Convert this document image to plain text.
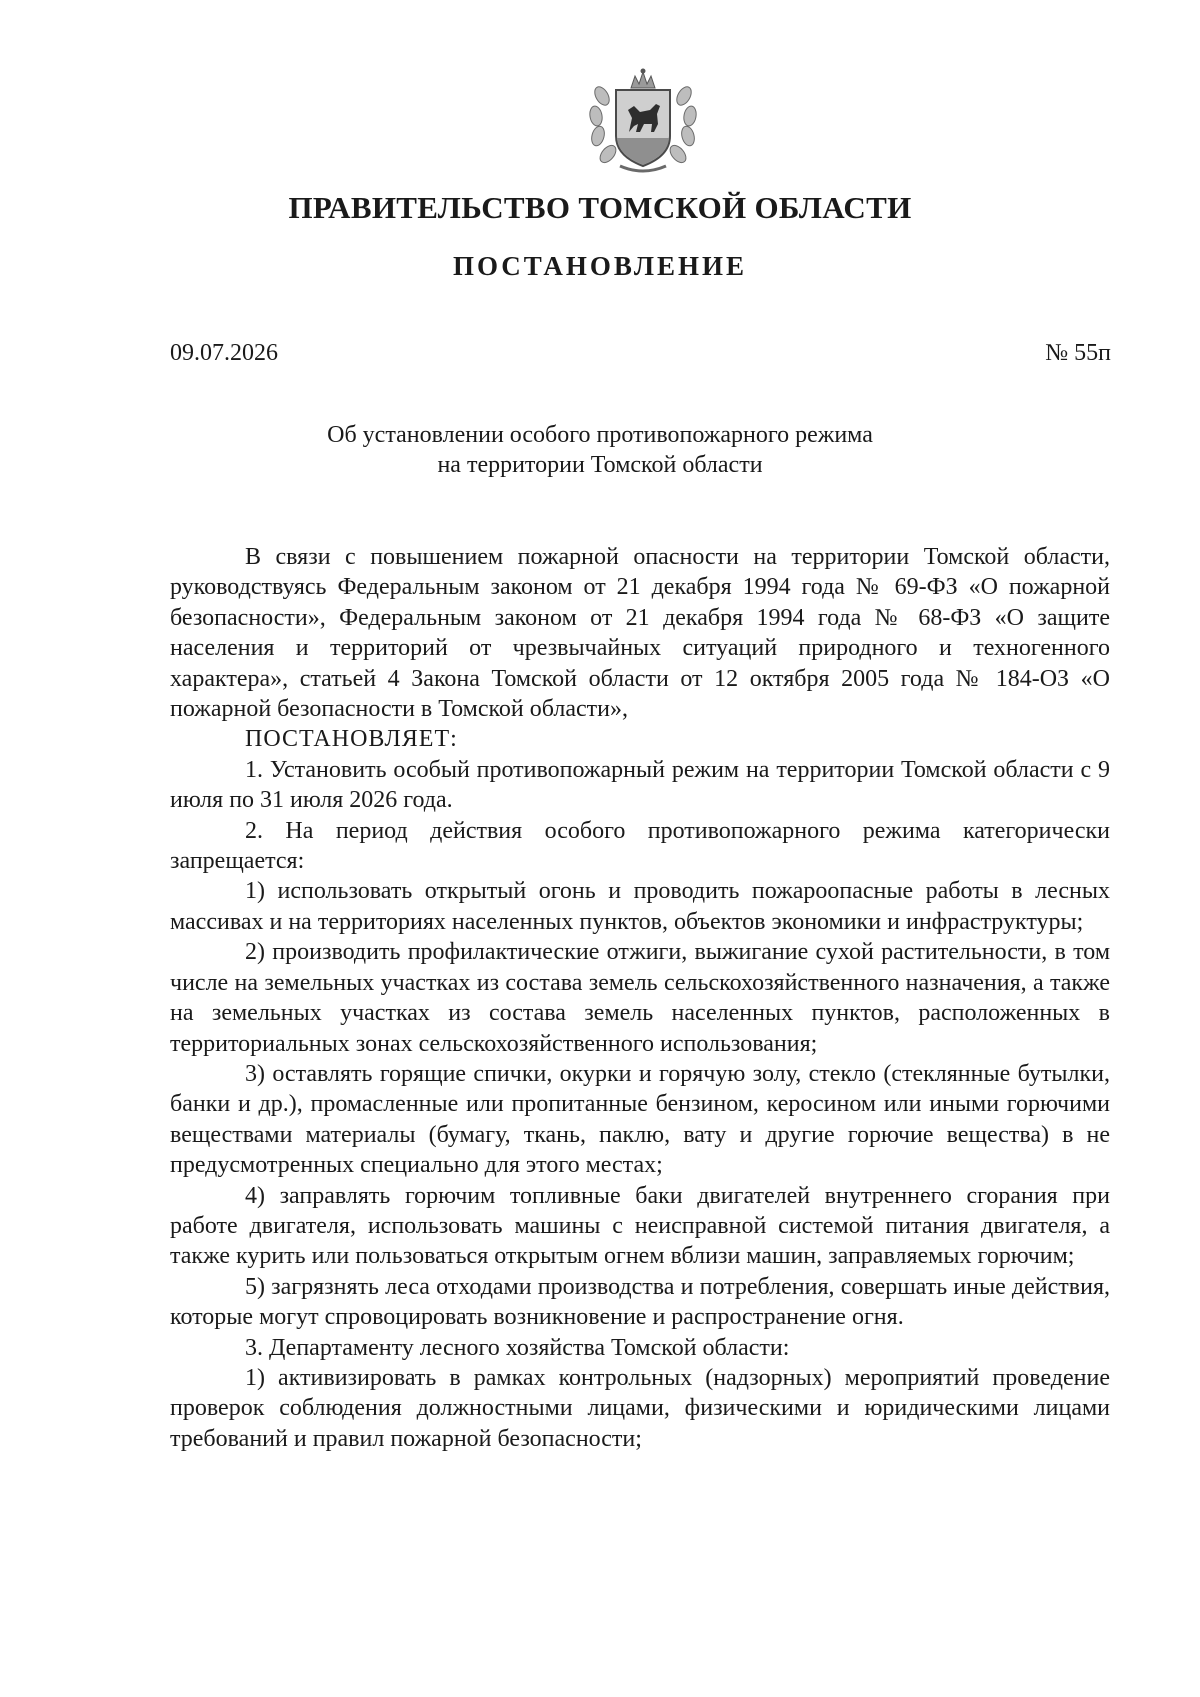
ПРАВИТЕЛЬСТВО ТОМСКОЙ ОБЛАСТИ
ПОСТАНОВЛЕНИЕ
09.07.2026	№ 55п
Об установлении особого противопожарного режима
на территории Томской области

В связи с повышением пожарной опасности на территории Томской области, руководствуясь Федеральным законом от 21 декабря 1994 года № 69-ФЗ «О пожарной безопасности», Федеральным законом от 21 декабря 1994 года № 68-ФЗ «О защите населения и территорий от чрезвычайных ситуаций природного и техногенного характера», статьей 4 Закона Томской области от 12 октября 2005 года № 184-ОЗ «О пожарной безопасности в Томской области»,

ПОСТАНОВЛЯЕТ:

1. Установить особый противопожарный режим на территории Томской области с 9 июля по 31 июля 2026 года.

2. На период действия особого противопожарного режима категорически запрещается:

1) использовать открытый огонь и проводить пожароопасные работы в лесных массивах и на территориях населенных пунктов, объектов экономики и инфраструктуры;

2) производить профилактические отжиги, выжигание сухой растительности, в том числе на земельных участках из состава земель сельскохозяйственного назначения, а также на земельных участках из состава земель населенных пунктов, расположенных в территориальных зонах сельскохозяйственного использования;

3) оставлять горящие спички, окурки и горячую золу, стекло (стеклянные бутылки, банки и др.), промасленные или пропитанные бензином, керосином или иными горючими веществами материалы (бумагу, ткань, паклю, вату и другие горючие вещества) в не предусмотренных специально для этого местах;

4) заправлять горючим топливные баки двигателей внутреннего сгорания при работе двигателя, использовать машины с неисправной системой питания двигателя, а также курить или пользоваться открытым огнем вблизи машин, заправляемых горючим;

5) загрязнять леса отходами производства и потребления, совершать иные действия, которые могут спровоцировать возникновение и распространение огня.

3. Департаменту лесного хозяйства Томской области:

1) активизировать в рамках контрольных (надзорных) мероприятий проведение проверок соблюдения должностными лицами, физическими и юридическими лицами требований и правил пожарной безопасности;
